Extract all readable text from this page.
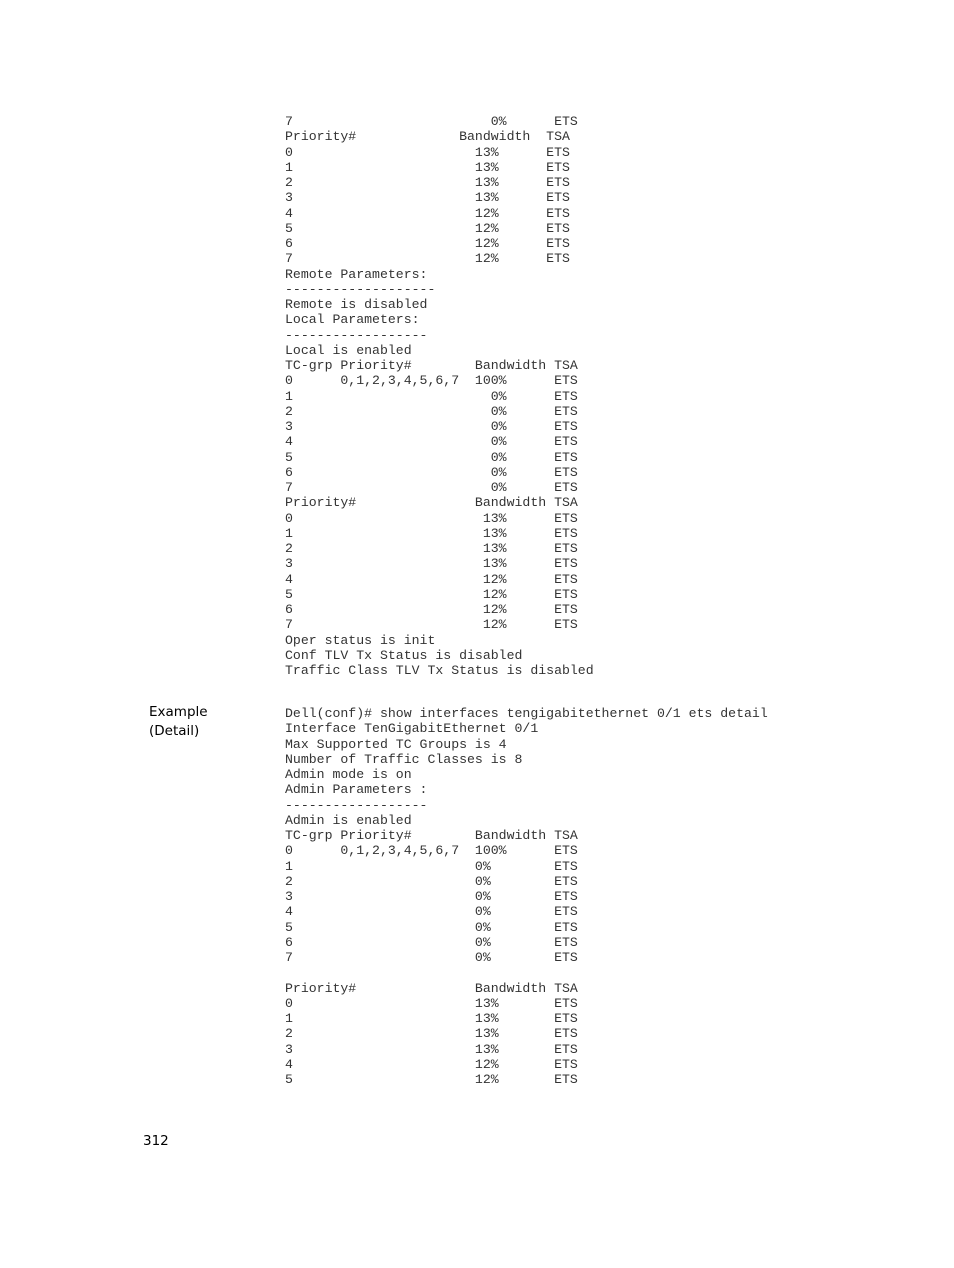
7                         0%      ETS
Priority#             Bandwidth  TSA
0                       13%      ETS
1                       13%      ETS
2                       13%      ETS
3                       13%      ETS
4                       12%      ETS
5                       12%      ETS
6                       12%      ETS
7                       12%      ETS
Remote Parameters:
-------------------
Remote is disabled
Local Parameters:
------------------
Local is enabled
TC-grp Priority#        Bandwidth TSA
0      0,1,2,3,4,5,6,7  100%      ETS
1                         0%      ETS
2                         0%      ETS
3                         0%      ETS
4                         0%      ETS
5                         0%      ETS
6                         0%      ETS
7                         0%      ETS
Priority#               Bandwidth TSA
0                        13%      ETS
1                        13%      ETS
2                        13%      ETS
3                        13%      ETS
4                        12%      ETS
5                        12%      ETS
6                        12%      ETS
7                        12%      ETS
Oper status is init
Conf TLV Tx Status is disabled
Traffic Class TLV Tx Status is disabled
Example
(Detail)
Dell(conf)# show interfaces tengigabitethernet 0/1 ets detail
Interface TenGigabitEthernet 0/1
Max Supported TC Groups is 4
Number of Traffic Classes is 8
Admin mode is on
Admin Parameters :
------------------
Admin is enabled
TC-grp Priority#        Bandwidth TSA
0      0,1,2,3,4,5,6,7  100%      ETS
1                       0%        ETS
2                       0%        ETS
3                       0%        ETS
4                       0%        ETS
5                       0%        ETS
6                       0%        ETS
7                       0%        ETS

Priority#               Bandwidth TSA
0                       13%       ETS
1                       13%       ETS
2                       13%       ETS
3                       13%       ETS
4                       12%       ETS
5                       12%       ETS
312
